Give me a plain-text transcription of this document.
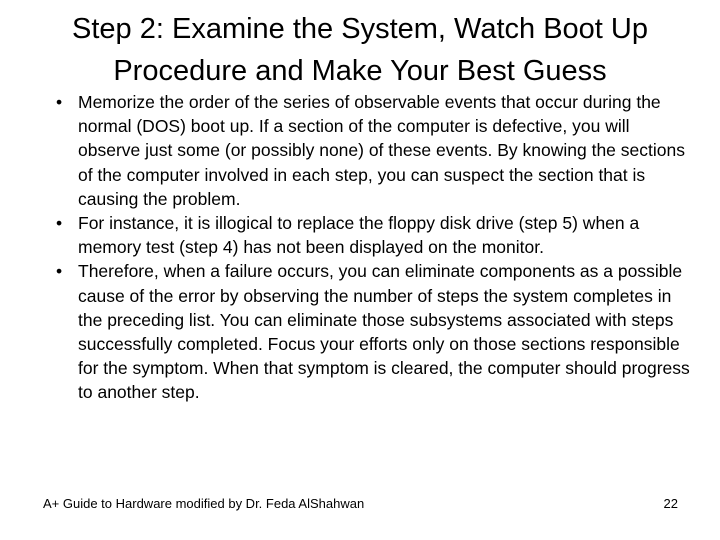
Step 2: Examine the System, Watch Boot Up Procedure and Make Your Best Guess
• Memorize the order of the series of observable events that occur during the normal (DOS) boot up. If a section of the computer is defective, you will observe just some (or possibly none) of these events. By knowing the sections of the computer involved in each step, you can suspect the section that is causing the problem.
• For instance, it is illogical to replace the floppy disk drive (step 5) when a memory test (step 4) has not been displayed on the monitor.
• Therefore, when a failure occurs, you can eliminate components as a possible cause of the error by observing the number of steps the system completes in the preceding list. You can eliminate those subsystems associated with steps successfully completed. Focus your efforts only on those sections responsible for the symptom. When that symptom is cleared, the computer should progress to another step.
A+ Guide to Hardware modified by Dr. Feda AlShahwan	22
